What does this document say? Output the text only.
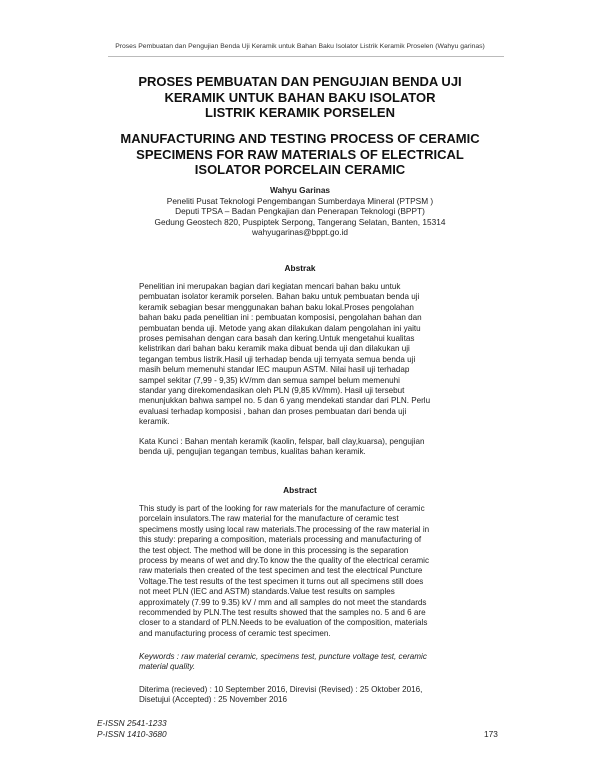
Proses Pembuatan dan Pengujian Benda Uji Keramik untuk Bahan Baku Isolator Listrik Keramik Proselen (Wahyu garinas)
PROSES PEMBUATAN DAN PENGUJIAN BENDA UJI
KERAMIK UNTUK BAHAN BAKU ISOLATOR
LISTRIK KERAMIK PORSELEN
MANUFACTURING AND TESTING PROCESS OF CERAMIC
SPECIMENS FOR RAW MATERIALS OF ELECTRICAL
ISOLATOR PORCELAIN CERAMIC
Wahyu Garinas
Peneliti Pusat Teknologi Pengembangan Sumberdaya Mineral (PTPSM )
Deputi TPSA – Badan Pengkajian dan Penerapan Teknologi (BPPT)
Gedung Geostech 820, Puspiptek Serpong, Tangerang Selatan, Banten, 15314
wahyugarinas@bppt.go.id
Abstrak
Penelitian ini merupakan bagian dari kegiatan mencari bahan baku untuk
pembuatan isolator keramik porselen. Bahan baku untuk pembuatan benda uji
keramik sebagian besar menggunakan bahan baku lokal.Proses pengolahan
bahan baku pada penelitian ini : pembuatan komposisi, pengolahan bahan dan
pembuatan benda uji. Metode yang akan dilakukan dalam pengolahan ini yaitu
proses pemisahan dengan cara basah dan kering.Untuk mengetahui kualitas
kelistrikan dari bahan baku keramik maka dibuat benda uji dan dilakukan uji
tegangan tembus listrik.Hasil uji terhadap benda uji ternyata semua benda uji
masih belum memenuhi standar IEC maupun ASTM. Nilai hasil uji terhadap
sampel sekitar (7,99 - 9,35) kV/mm dan semua sampel belum memenuhi
standar yang direkomendasikan oleh PLN (9,85 kV/mm). Hasil uji tersebut
menunjukkan bahwa sampel no. 5 dan 6 yang mendekati standar dari PLN. Perlu
evaluasi terhadap komposisi , bahan dan proses pembuatan dari benda uji
keramik.
Kata Kunci : Bahan mentah keramik (kaolin, felspar, ball clay,kuarsa), pengujian
benda uji, pengujian tegangan tembus, kualitas bahan keramik.
Abstract
This study is part of the looking for raw materials for the manufacture of ceramic
porcelain insulators.The raw material for the manufacture of ceramic test
specimens mostly using local raw materials.The processing of the raw material in
this study: preparing a composition, materials processing and manufacturing of
the test object. The method will be done in this processing is the separation
process by means of wet and dry.To know the the quality of the electrical ceramic
raw materials then created of the test specimen and test the electrical Puncture
Voltage.The test results of the test specimen it turns out all specimens still does
not meet PLN (IEC and ASTM) standards.Value test results on samples
approximately (7.99 to 9.35) kV / mm and all samples do not meet the standards
recommended by PLN.The test results showed that the samples no. 5 and 6 are
closer to a standard of PLN.Needs to be evaluation of the composition, materials
and manufacturing process of ceramic test specimen.
Keywords : raw material ceramic, specimens test, puncture voltage test, ceramic
material quality.
Diterima (recieved) : 10 September 2016, Direvisi (Revised) : 25 Oktober 2016,
Disetujui (Accepted) : 25 November 2016
E-ISSN 2541-1233
P-ISSN 1410-3680	173
